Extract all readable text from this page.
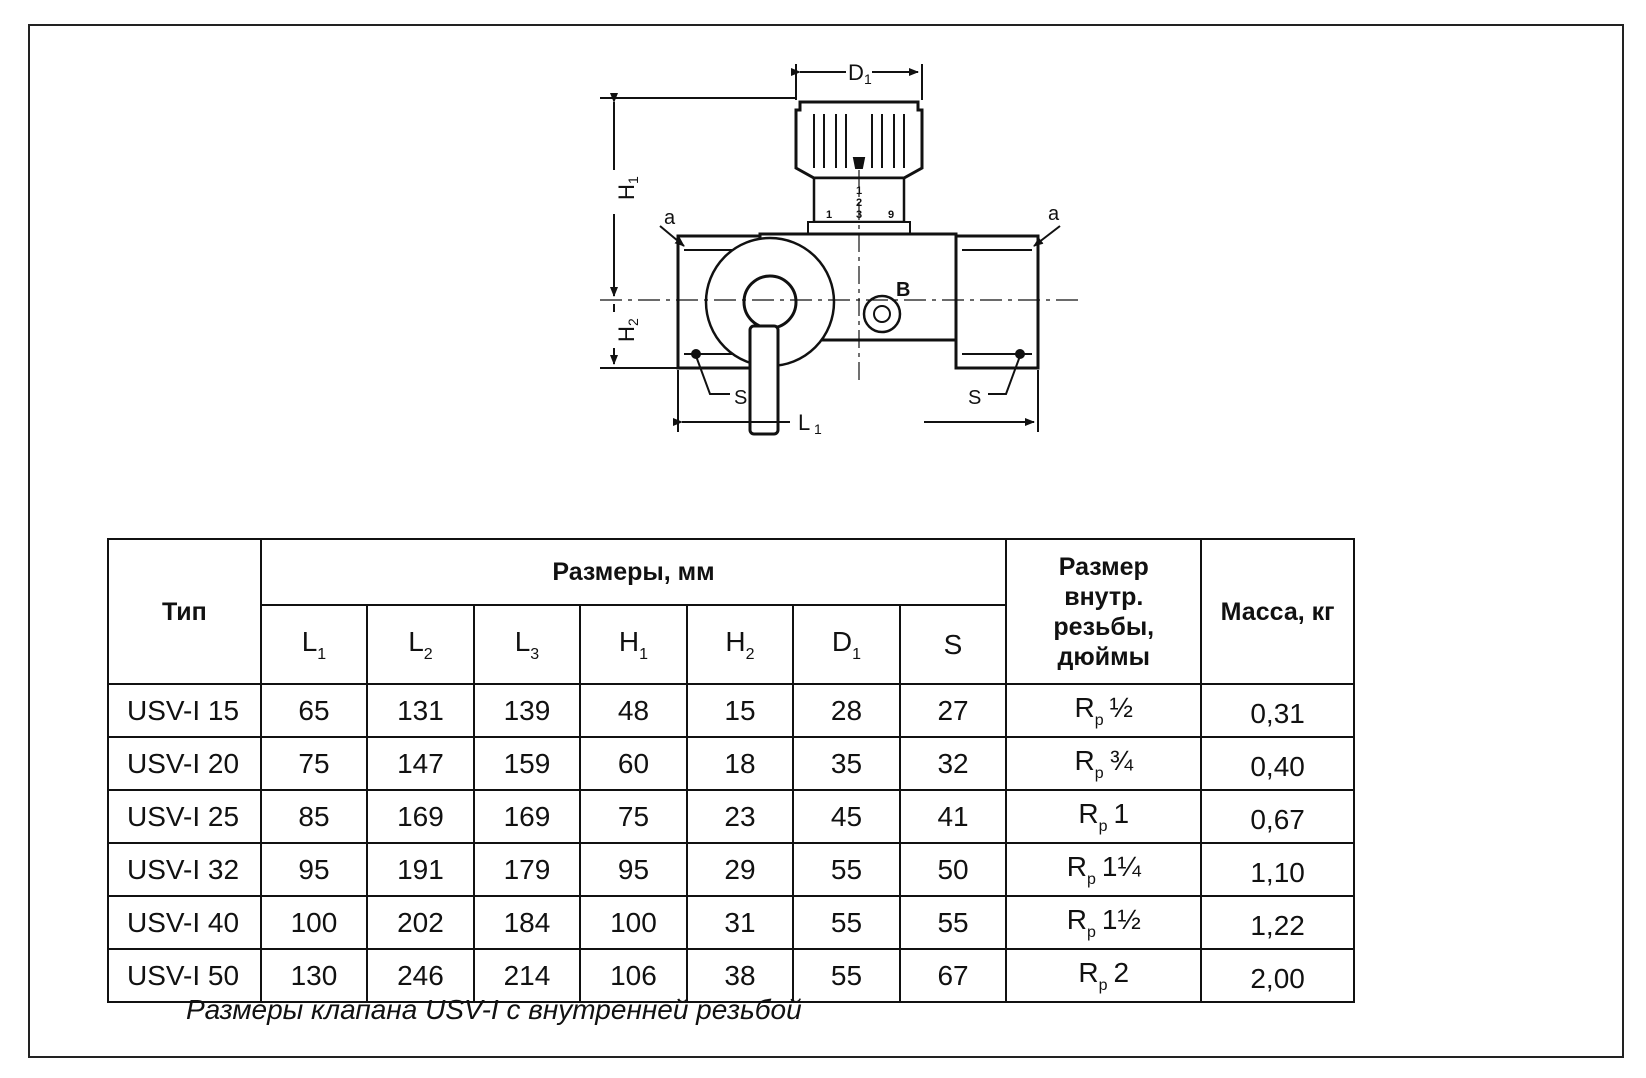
D 1
H
1
H
2
L 1
a	a
S	S
B
1
2
3
1	9
Тип	Размеры, мм							Размер
внутр.
резьбы,
дюймы	Масса, кг
	$L_1$	$L_2$	$L_3$	$H_1$	$H_2$	$D_1$	S		
USV-I 15	65	131	139	48	15	28	27	$R_p$ ½	0,31
USV-I 20	75	147	159	60	18	35	32	$R_p$ ¾	0,40
USV-I 25	85	169	169	75	23	45	41	$R_p$ 1	0,67
USV-I 32	95	191	179	95	29	55	50	$R_p$ 1¼	1,10
USV-I 40	100	202	184	100	31	55	55	$R_p$ 1½	1,22
USV-I 50	130	246	214	106	38	55	67	$R_p$ 2	2,00
Размеры клапана USV-I с внутренней резьбой
